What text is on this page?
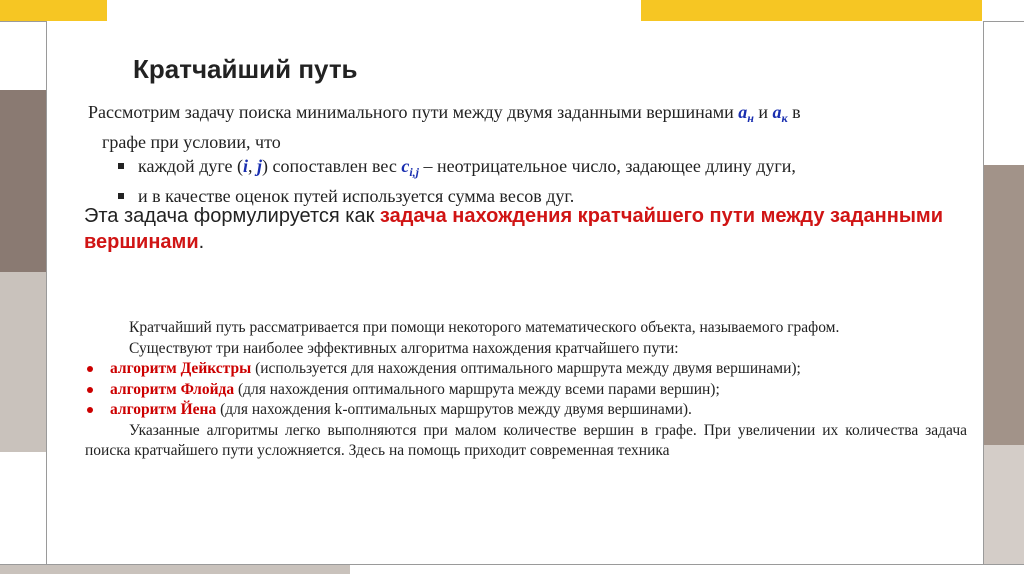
Кратчайший путь

Рассмотрим задачу поиска минимального пути между двумя заданными вершинами $a_н$ и $a_к$ в

графе при условии, что

каждой дуге (i, j) сопоставлен вес $c_{i,j}$ – неотрицательное число, задающее длину дуги,

и в качестве оценок путей используется сумма весов дуг.

Эта задача формулируется как задача нахождения кратчайшего пути между заданными вершинами.

Кратчайший путь рассматривается при помощи некоторого математического объекта, называемого графом.

Существуют три наиболее эффективных алгоритма нахождения кратчайшего пути:

алгоритм Дейкстры (используется для нахождения оптимального маршрута между двумя вершинами);

алгоритм Флойда (для нахождения оптимального маршрута между всеми парами вершин);

алгоритм Йена (для нахождения k-оптимальных маршрутов между двумя вершинами).

Указанные алгоритмы легко выполняются при малом количестве вершин в графе. При увеличении их количества задача поиска кратчайшего пути усложняется. Здесь на помощь приходит современная техника
